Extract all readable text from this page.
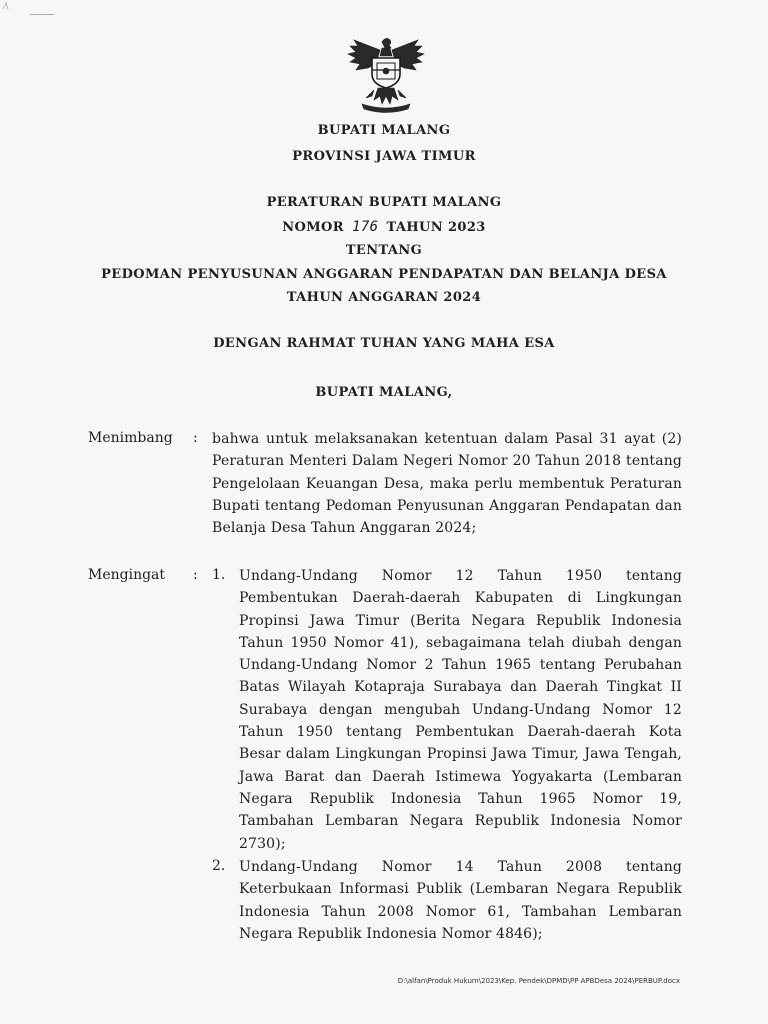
⁄\
BUPATI MALANG
PROVINSI JAWA TIMUR
PERATURAN BUPATI MALANG
NOMOR 176 TAHUN 2023
TENTANG
PEDOMAN PENYUSUNAN ANGGARAN PENDAPATAN DAN BELANJA DESA
TAHUN ANGGARAN 2024
DENGAN RAHMAT TUHAN YANG MAHA ESA
BUPATI MALANG,
Menimbang : bahwa untuk melaksanakan ketentuan dalam Pasal 31 ayat (2) Peraturan Menteri Dalam Negeri Nomor 20 Tahun 2018 tentang Pengelolaan Keuangan Desa, maka perlu membentuk Peraturan Bupati tentang Pedoman Penyusunan Anggaran Pendapatan dan Belanja Desa Tahun Anggaran 2024;
Mengingat : 1. Undang-Undang Nomor 12 Tahun 1950 tentang Pembentukan Daerah-daerah Kabupaten di Lingkungan Propinsi Jawa Timur (Berita Negara Republik Indonesia Tahun 1950 Nomor 41), sebagaimana telah diubah dengan Undang-Undang Nomor 2 Tahun 1965 tentang Perubahan Batas Wilayah Kotapraja Surabaya dan Daerah Tingkat II Surabaya dengan mengubah Undang-Undang Nomor 12 Tahun 1950 tentang Pembentukan Daerah-daerah Kota Besar dalam Lingkungan Propinsi Jawa Timur, Jawa Tengah, Jawa Barat dan Daerah Istimewa Yogyakarta (Lembaran Negara Republik Indonesia Tahun 1965 Nomor 19, Tambahan Lembaran Negara Republik Indonesia Nomor 2730);
2. Undang-Undang Nomor 14 Tahun 2008 tentang Keterbukaan Informasi Publik (Lembaran Negara Republik Indonesia Tahun 2008 Nomor 61, Tambahan Lembaran Negara Republik Indonesia Nomor 4846);
D:\alfan\Produk Hukum\2023\Kep. Pendek\DPMD\PP APBDesa 2024\PERBUP.docx
